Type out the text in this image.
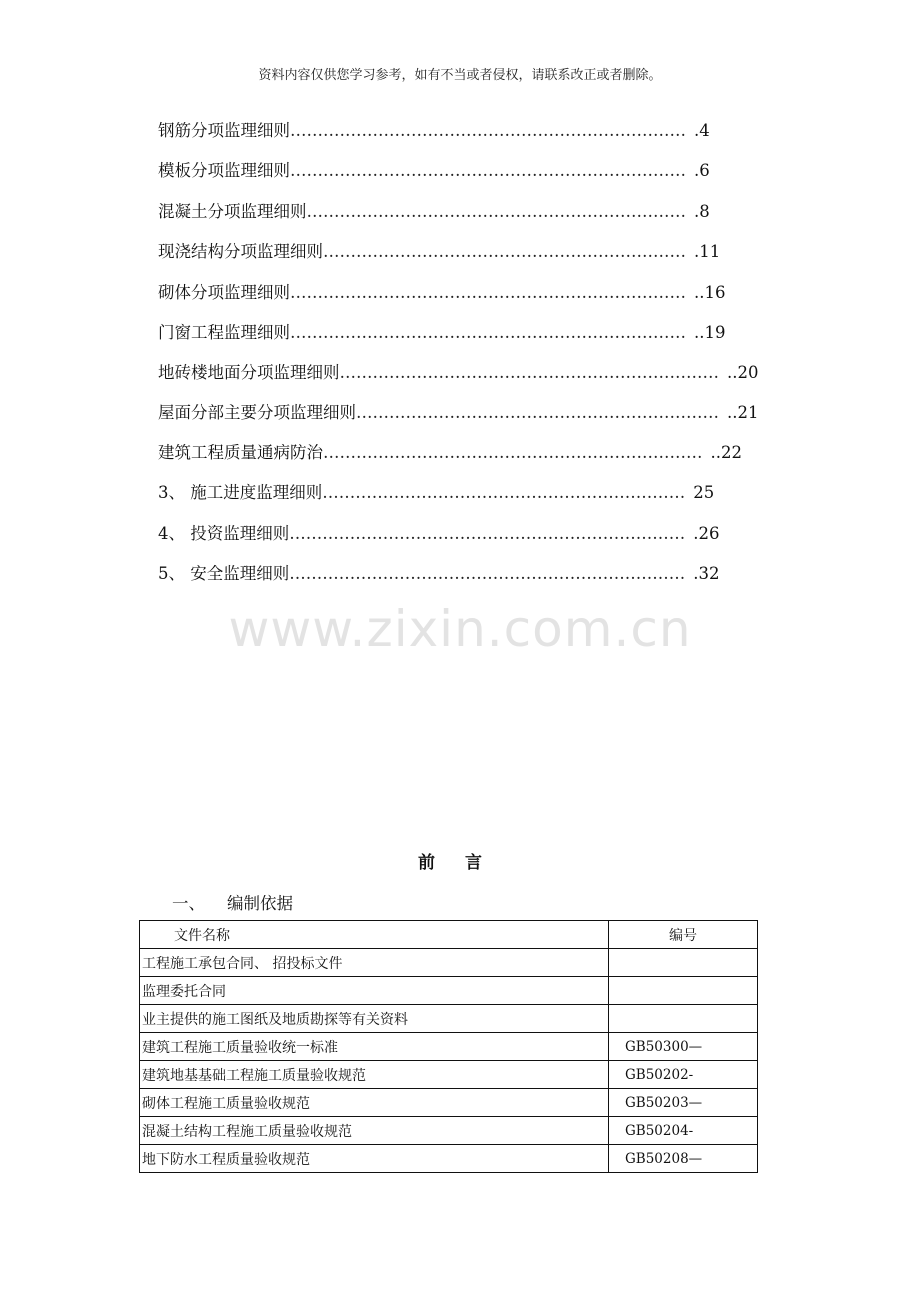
资料内容仅供您学习参考，如有不当或者侵权，请联系改正或者删除。
钢筋分项监理细则……………………………………………………………… .4
模板分项监理细则……………………………………………………………… .6
混凝土分项监理细则…………………………………………………………… .8
现浇结构分项监理细则………………………………………………………… .11
砌体分项监理细则……………………………………………………………… ..16
门窗工程监理细则……………………………………………………………… ..19
地砖楼地面分项监理细则…………………………………………………………… ..20
屋面分部主要分项监理细则………………………………………………………… ..21
建筑工程质量通病防治…………………………………………………………… ..22
3、 施工进度监理细则………………………………………………………… 25
4、 投资监理细则……………………………………………………………… .26
5、 安全监理细则……………………………………………………………… .32
www.zixin.com.cn
前言
一、 编制依据
文件名称	编号
工程施工承包合同、 招投标文件	
监理委托合同	
业主提供的施工图纸及地质勘探等有关资料	
建筑工程施工质量验收统一标准	GB50300—
建筑地基基础工程施工质量验收规范	GB50202-
砌体工程施工质量验收规范	GB50203—
混凝土结构工程施工质量验收规范	GB50204-
地下防水工程质量验收规范	GB50208—
